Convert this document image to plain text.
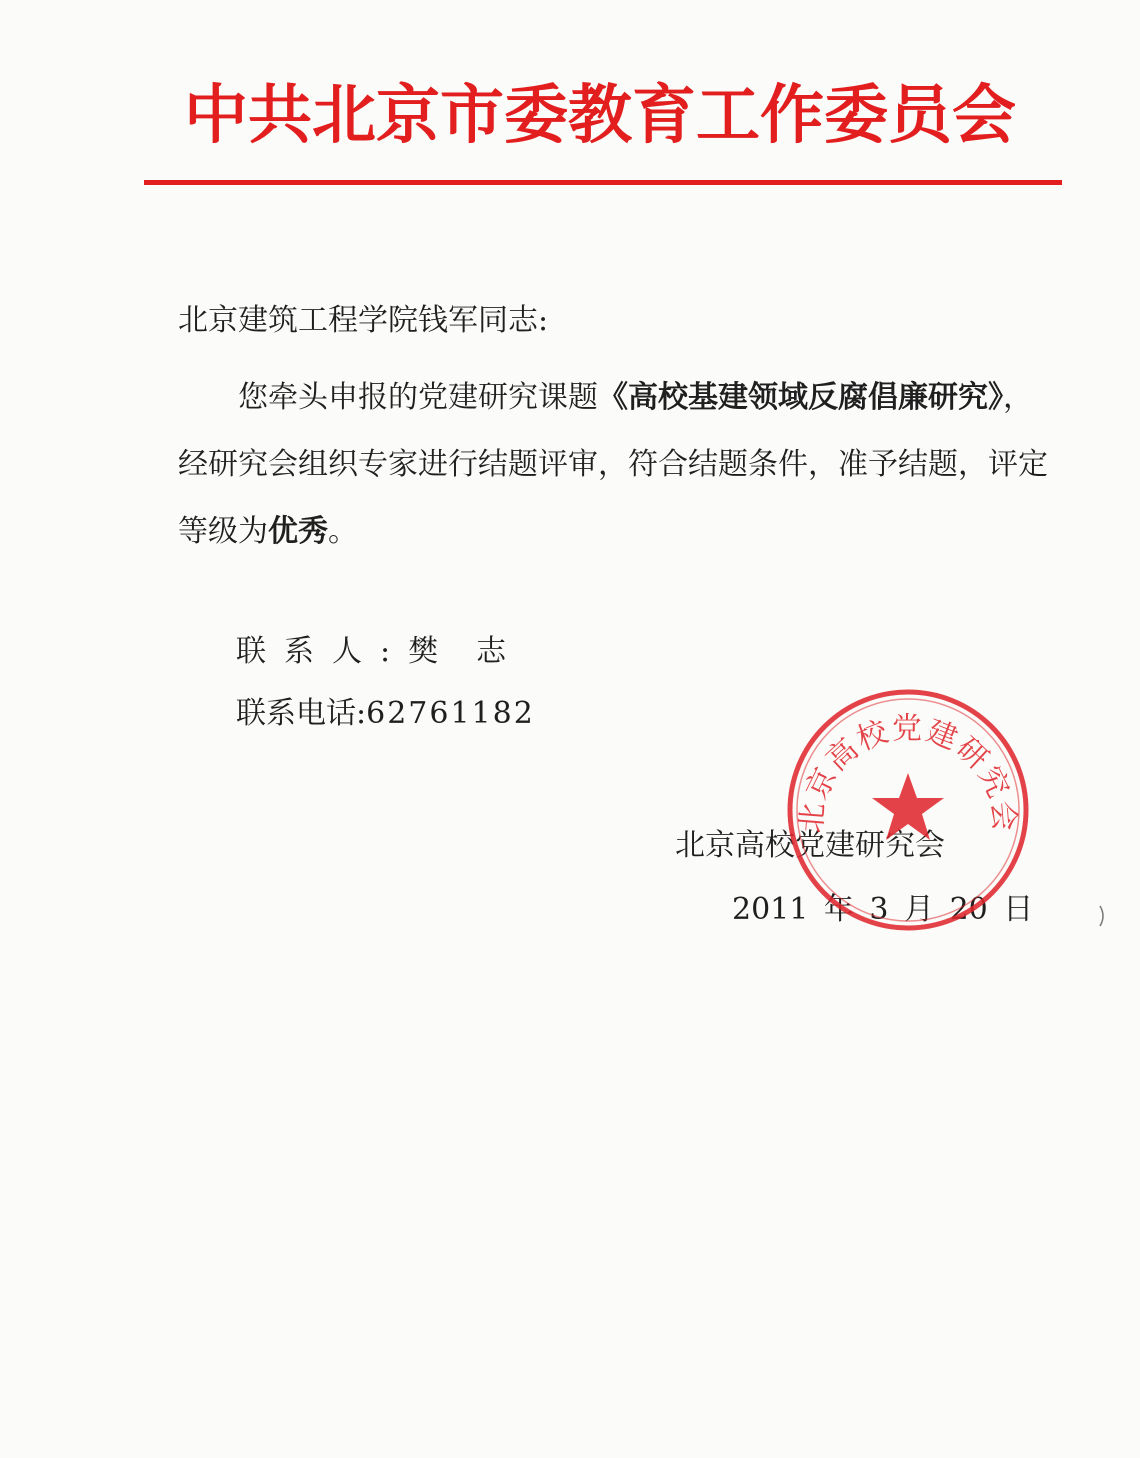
中共北京市委教育工作委员会
北京建筑工程学院钱军同志:

您牵头申报的党建研究课题《高校基建领域反腐倡廉研究》，经研究会组织专家进行结题评审，符合结题条件，准予结题，评定等级为优秀。

联系人:樊志
联系电话:62761182
北京高校党建研究会
2011 年 3 月 20 日
北京高校党建研究会
